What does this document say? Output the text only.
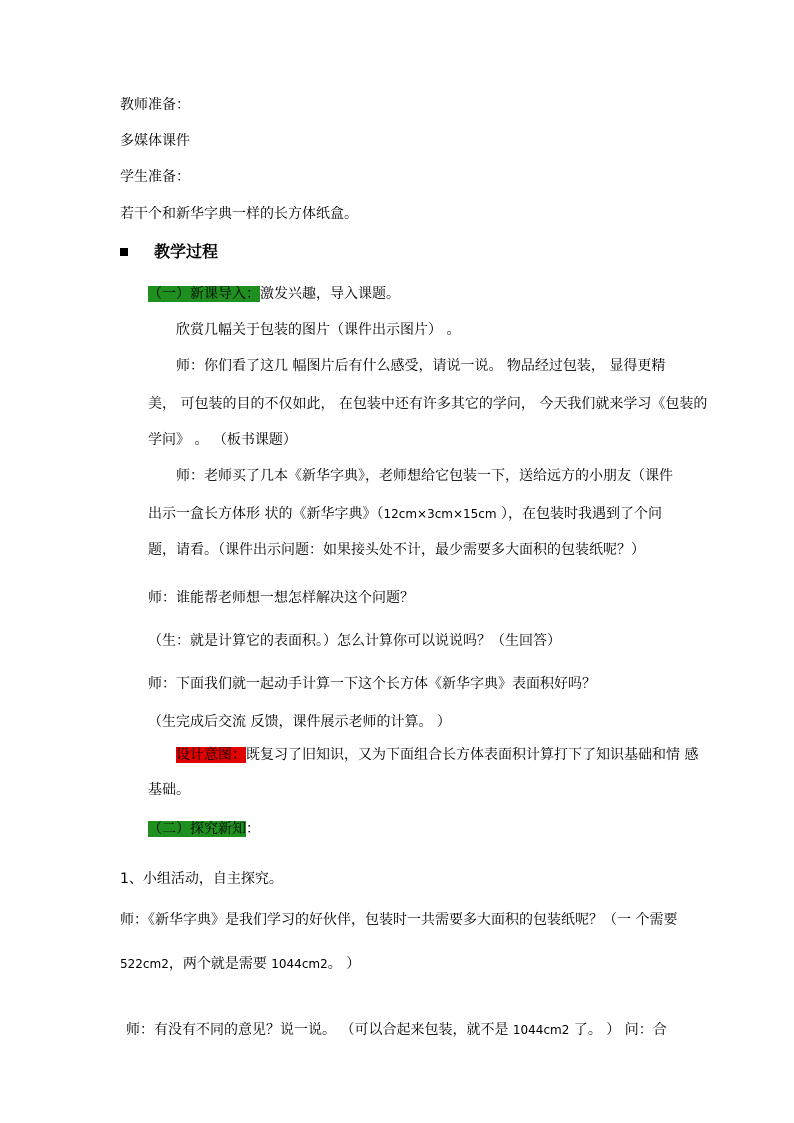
教师准备：
多媒体课件
学生准备：
若干个和新华字典一样的长方体纸盒。
教学过程
（一）新课导入：激发兴趣，导入课题。
欣赏几幅关于包装的图片（课件出示图片） 。
师：你们看了这几 幅图片后有什么感受，请说一说。 物品经过包装， 显得更精
美， 可包装的目的不仅如此， 在包装中还有许多其它的学问， 今天我们就来学习《包装的
学问》 。 （板书课题）
师：老师买了几本《新华字典》，老师想给它包装一下，送给远方的小朋友（课件
出示一盒长方体形 状的《新华字典》（12cm×3cm×15cm ），在包装时我遇到了个问
题，请看。（课件出示问题：如果接头处不计，最少需要多大面积的包装纸呢？）
师：谁能帮老师想一想怎样解决这个问题？
（生：就是计算它的表面积。）怎么计算你可以说说吗？（生回答）
师：下面我们就一起动手计算一下这个长方体《新华字典》表面积好吗？
（生完成后交流 反馈，课件展示老师的计算。 ）
设计意图：既复习了旧知识，又为下面组合长方体表面积计算打下了知识基础和情 感
基础。
（二）探究新知：
1、小组活动，自主探究。
师：《新华字典》是我们学习的好伙伴，包装时一共需要多大面积的包装纸呢？（一 个需要
522cm2，两个就是需要 1044cm2。 ）
师：有没有不同的意见？说一说。 （可以合起来包装，就不是 1044cm2 了。 ） 问：合
